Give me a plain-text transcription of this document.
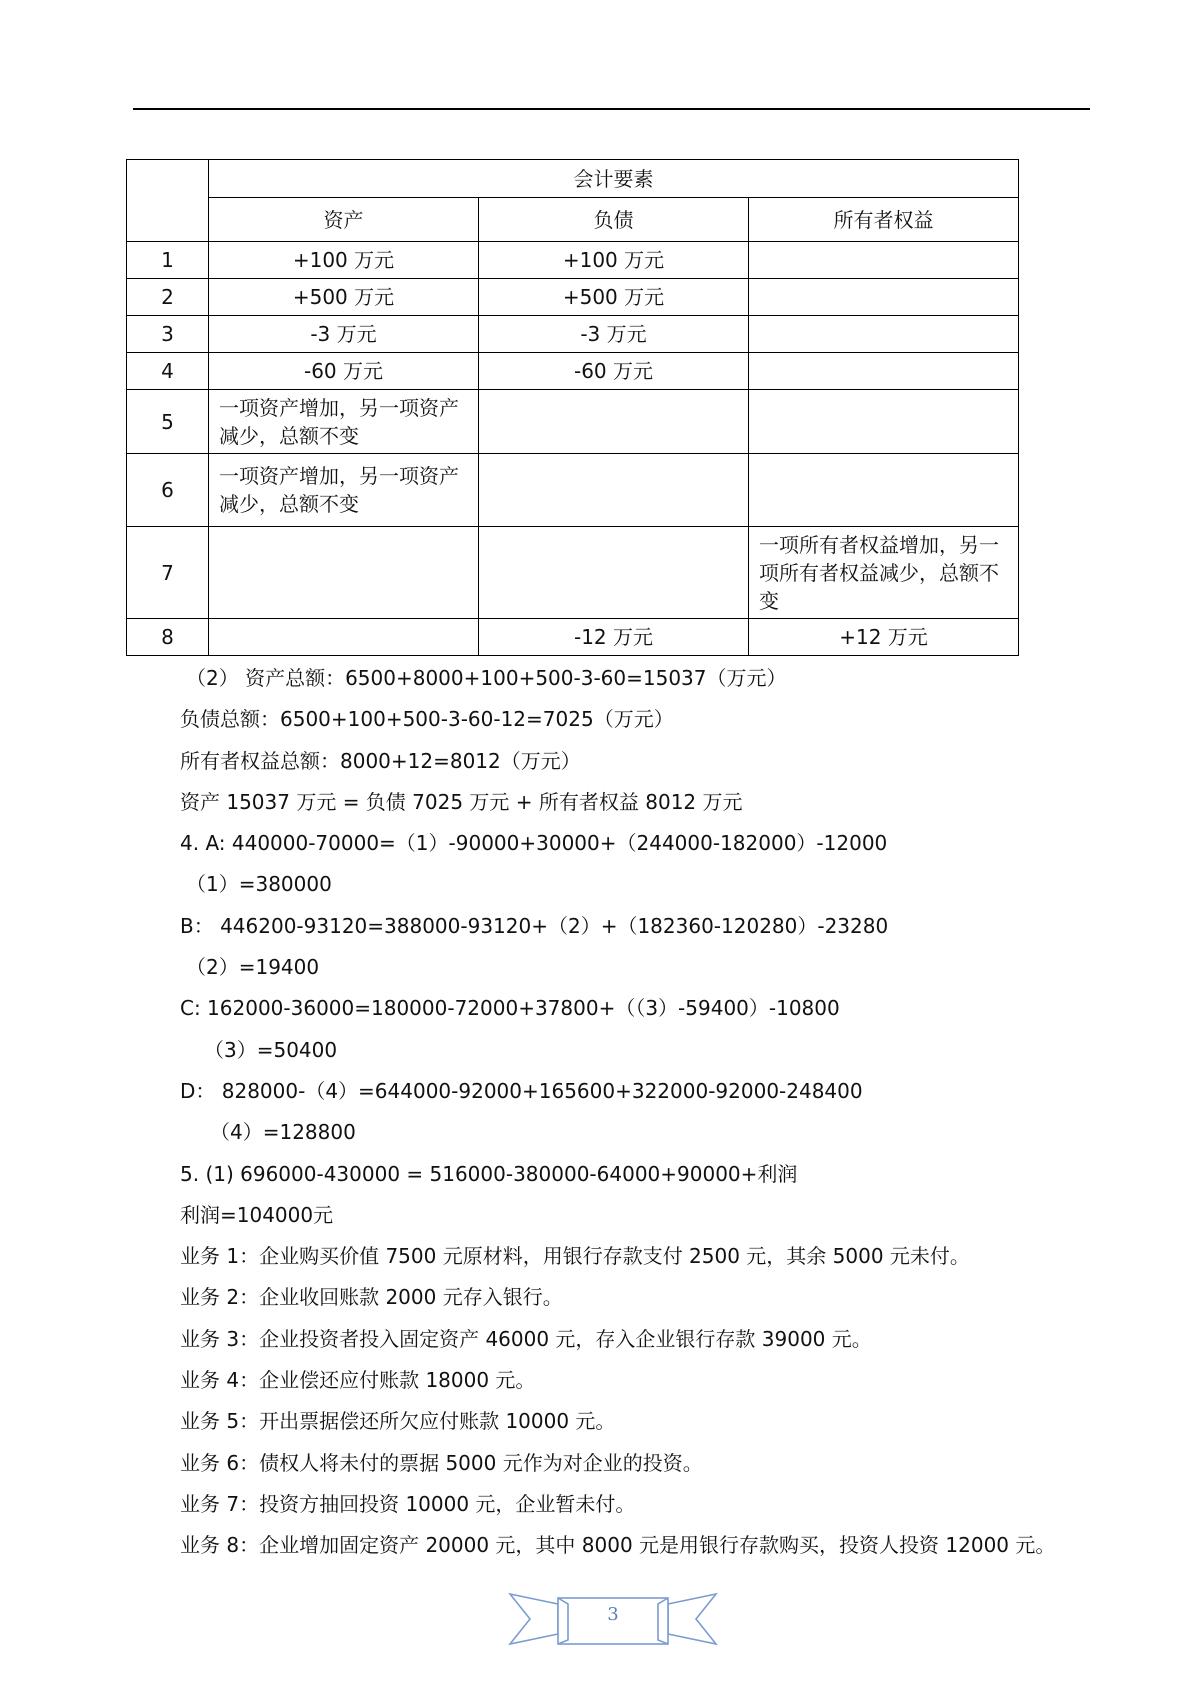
	会计要素		
	资产	负债	所有者权益
1	+100 万元	+100 万元	
2	+500 万元	+500 万元	
3	-3 万元	-3 万元	
4	-60 万元	-60 万元	
5	一项资产增加，另一项资产减少，总额不变		
6	一项资产增加，另一项资产减少，总额不变		
7			一项所有者权益增加，另一项所有者权益减少，总额不变
8		-12 万元	+12 万元
（2） 资产总额：6500+8000+100+500-3-60=15037（万元）
负债总额：6500+100+500-3-60-12=7025（万元）
所有者权益总额：8000+12=8012（万元）
资产 15037 万元 = 负债 7025 万元 + 所有者权益 8012 万元
4. A: 440000-70000=（1）-90000+30000+（244000-182000）-12000
（1）=380000
B： 446200-93120=388000-93120+（2）+（182360-120280）-23280
（2）=19400
C: 162000-36000=180000-72000+37800+（（3）-59400）-10800
（3）=50400
D： 828000-（4）=644000-92000+165600+322000-92000-248400
（4）=128800
5. (1) 696000-430000 = 516000-380000-64000+90000+利润
利润=104000元
业务 1：企业购买价值 7500 元原材料，用银行存款支付 2500 元，其余 5000 元未付。
业务 2：企业收回账款 2000 元存入银行。
业务 3：企业投资者投入固定资产 46000 元，存入企业银行存款 39000 元。
业务 4：企业偿还应付账款 18000 元。
业务 5：开出票据偿还所欠应付账款 10000 元。
业务 6：债权人将未付的票据 5000 元作为对企业的投资。
业务 7：投资方抽回投资 10000 元，企业暂未付。
业务 8：企业增加固定资产 20000 元，其中 8000 元是用银行存款购买，投资人投资 12000 元。
3
